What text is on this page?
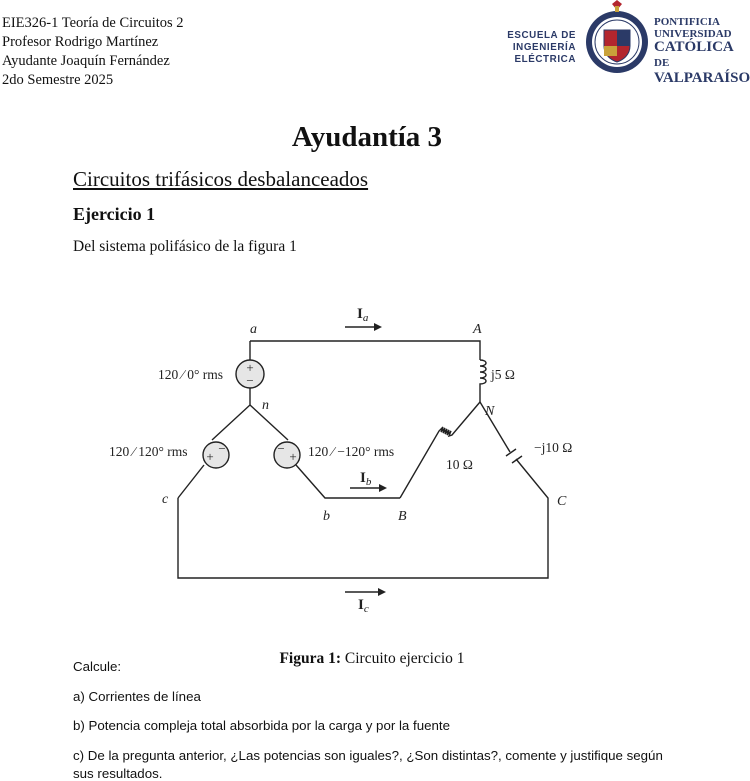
EIE326-1 Teoría de Circuitos 2
Profesor Rodrigo Martínez
Ayudante Joaquín Fernández
2do Semestre 2025
ESCUELA DE
INGENIERÍA ELÉCTRICA
PONTIFICIA
UNIVERSIDAD
CATÓLICA DE
VALPARAÍSO
Ayudantía 3
Circuitos trifásicos desbalanceados
Ejercicio 1
Del sistema polifásico de la figura 1
+
−
+
−	−
+
a	A
n	N
c	C
b	B
$I_a$
$I_b$
$I_c$
120 ∕ 0° rms
120 ∕ 120° rms	120 ∕ −120° rms
j5 Ω
10 Ω
−j10 Ω
Figura 1: Circuito ejercicio 1
Calcule:
a) Corrientes de línea
b) Potencia compleja total absorbida por la carga y por la fuente
c) De la pregunta anterior, ¿Las potencias son iguales?, ¿Son distintas?, comente y justifique según
sus resultados.
